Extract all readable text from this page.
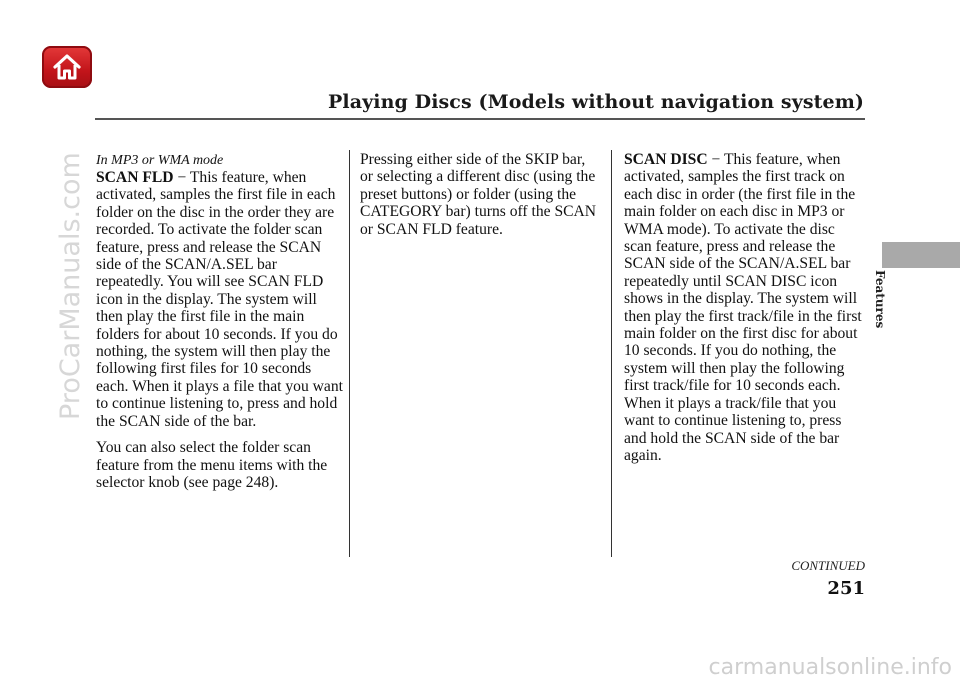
Playing Discs (Models without navigation system)
Features

In MP3 or WMA mode

SCAN FLD − This feature, when activated, samples the first file in each folder on the disc in the order they are recorded. To activate the folder scan feature, press and release the SCAN side of the SCAN/A.SEL bar repeatedly. You will see SCAN FLD icon in the display. The system will then play the first file in the main folders for about 10 seconds. If you do nothing, the system will then play the following first files for 10 seconds each. When it plays a file that you want to continue listening to, press and hold the SCAN side of the bar.

You can also select the folder scan feature from the menu items with the selector knob (see page 248).

Pressing either side of the SKIP bar, or selecting a different disc (using the preset buttons) or folder (using the CATEGORY bar) turns off the SCAN or SCAN FLD feature.

SCAN DISC − This feature, when activated, samples the first track on each disc in order (the first file in the main folder on each disc in MP3 or WMA mode). To activate the disc scan feature, press and release the SCAN side of the SCAN/A.SEL bar repeatedly until SCAN DISC icon shows in the display. The system will then play the first track/file in the first main folder on the first disc for about 10 seconds. If you do nothing, the system will then play the following first track/file for 10 seconds each. When it plays a track/file that you want to continue listening to, press and hold the SCAN side of the bar again.

CONTINUED
251
ProCarManuals.com
carmanualsonline.info
